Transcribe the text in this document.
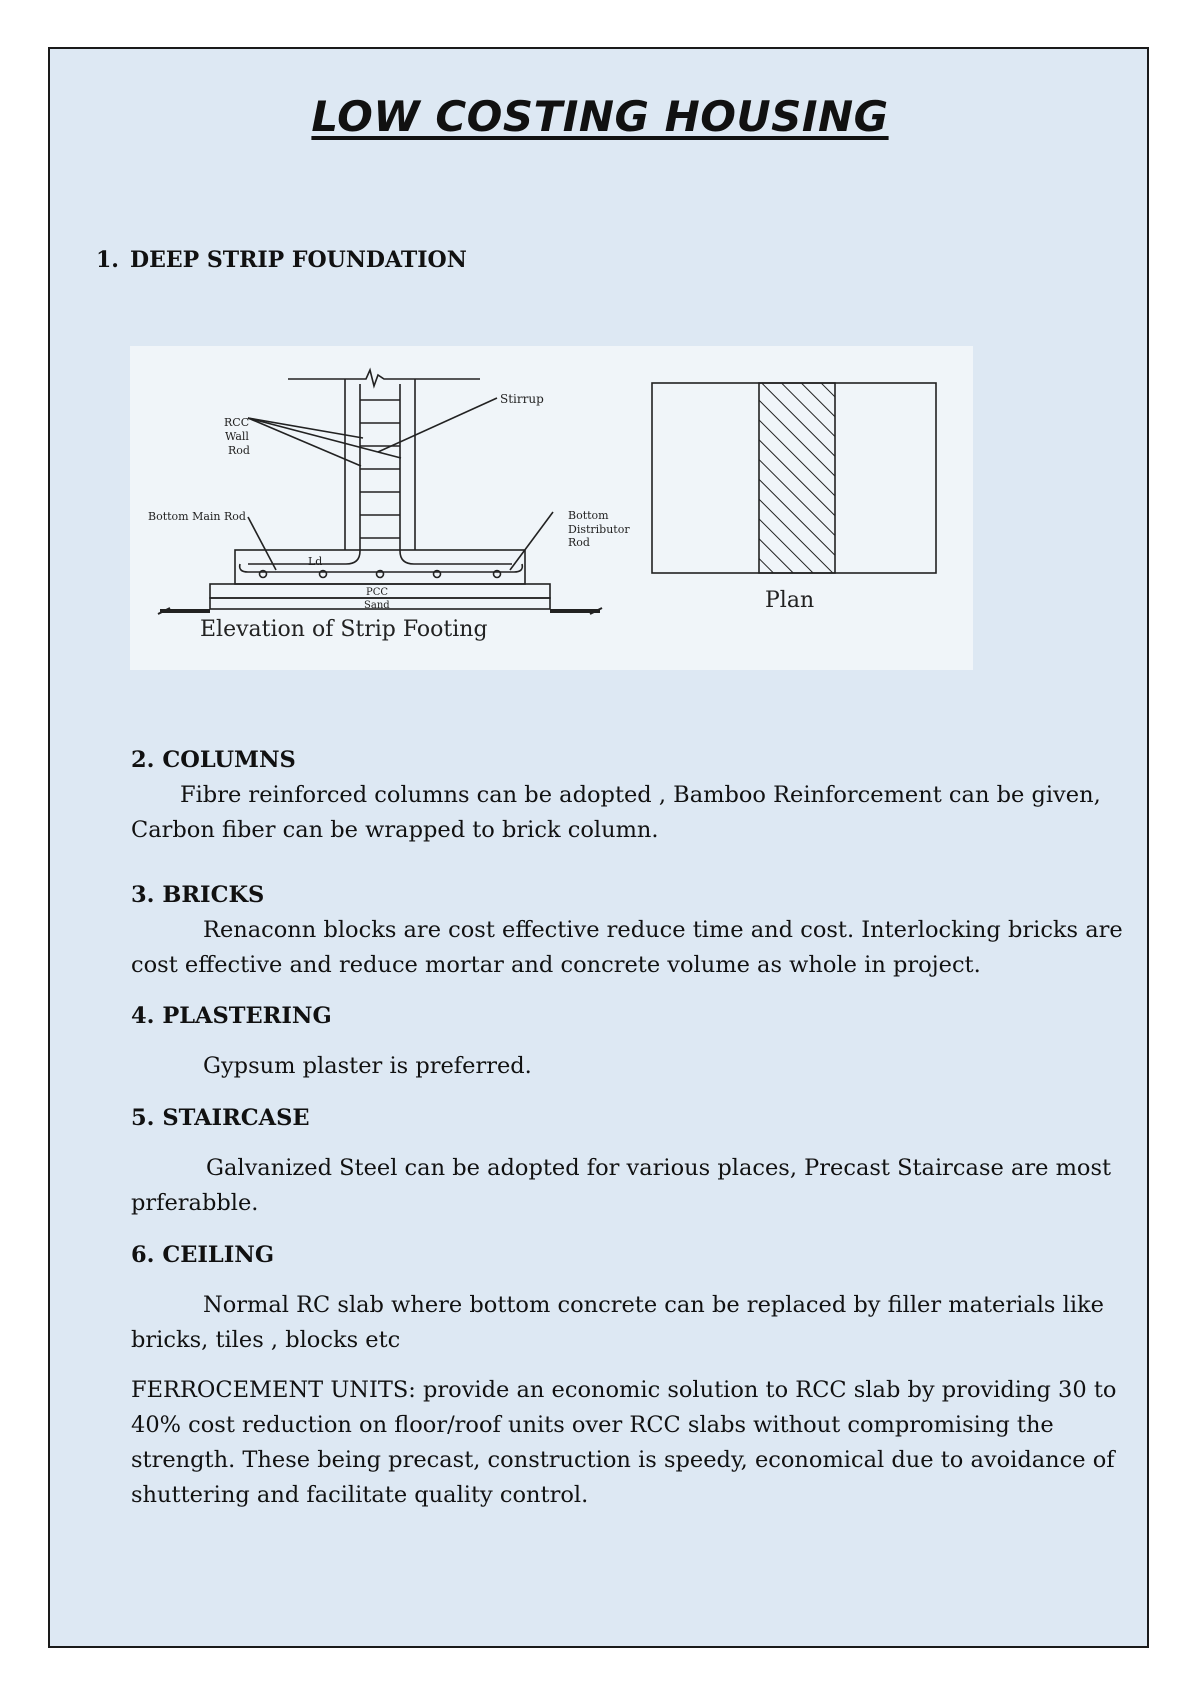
LOW COSTING HOUSING
1. DEEP STRIP FOUNDATION
Stirrup
RCC
Wall
Rod
Bottom Main Rod	Bottom
Distributor
Rod
Ld
PCC
Sand
Elevation of Strip Footing
Plan
2. COLUMNS

Fibre reinforced columns can be adopted , Bamboo Reinforcement can be given, Carbon fiber can be wrapped to brick column.

3. BRICKS

Renaconn blocks are cost effective reduce time and cost. Interlocking bricks are cost effective and reduce mortar and concrete volume as whole in project.

4. PLASTERING

Gypsum plaster is preferred.

5. STAIRCASE

Galvanized Steel can be adopted for various places, Precast Staircase are most prferabble.

6. CEILING

Normal RC slab where bottom concrete can be replaced by filler materials like bricks, tiles , blocks etc

FERROCEMENT UNITS: provide an economic solution to RCC slab by providing 30 to 40% cost reduction on floor/roof units over RCC slabs without compromising the strength. These being precast, construction is speedy, economical due to avoidance of shuttering and facilitate quality control.
